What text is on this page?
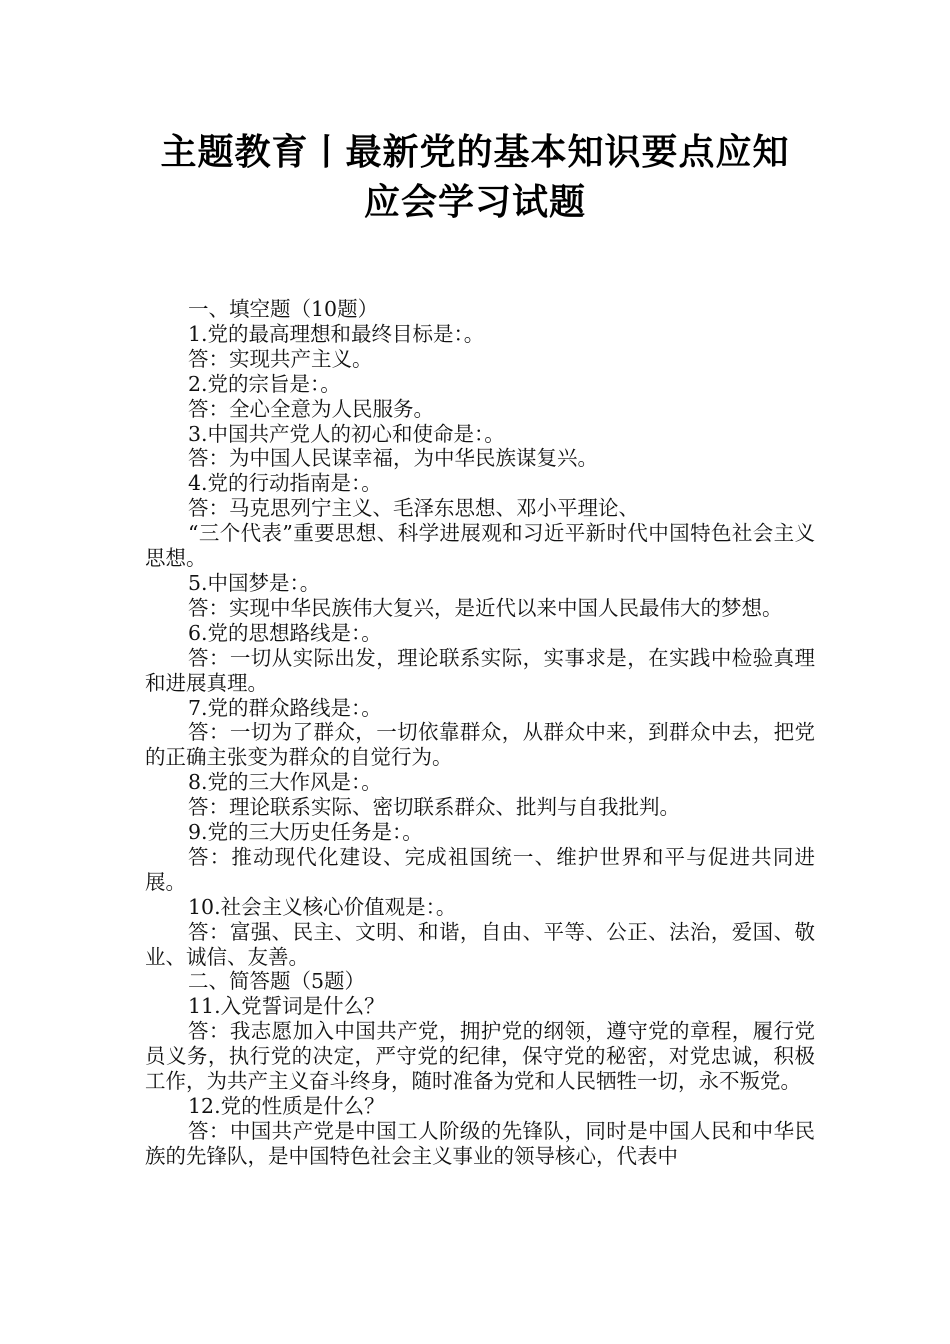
主题教育丨最新党的基本知识要点应知
应会学习试题

一、填空题（10题）

1.党的最高理想和最终目标是：。

答：实现共产主义。

2.党的宗旨是：。

答：全心全意为人民服务。

3.中国共产党人的初心和使命是：。

答：为中国人民谋幸福，为中华民族谋复兴。

4.党的行动指南是：。

答：马克思列宁主义、毛泽东思想、邓小平理论、

“三个代表”重要思想、科学进展观和习近平新时代中国特色社会主义思想。

5.中国梦是：。

答：实现中华民族伟大复兴，是近代以来中国人民最伟大的梦想。

6.党的思想路线是：。

答：一切从实际出发，理论联系实际，实事求是，在实践中检验真理和进展真理。

7.党的群众路线是：。

答：一切为了群众，一切依靠群众，从群众中来，到群众中去，把党的正确主张变为群众的自觉行为。

8.党的三大作风是：。

答：理论联系实际、密切联系群众、批判与自我批判。

9.党的三大历史任务是：。

答：推动现代化建设、完成祖国统一、维护世界和平与促进共同进展。

10.社会主义核心价值观是：。

答：富强、民主、文明、和谐，自由、平等、公正、法治，爱国、敬业、诚信、友善。

二、简答题（5题）

11.入党誓词是什么？

答：我志愿加入中国共产党，拥护党的纲领，遵守党的章程，履行党员义务，执行党的决定，严守党的纪律，保守党的秘密，对党忠诚，积极工作，为共产主义奋斗终身，随时准备为党和人民牺牲一切，永不叛党。

12.党的性质是什么？

答：中国共产党是中国工人阶级的先锋队，同时是中国人民和中华民族的先锋队，是中国特色社会主义事业的领导核心，代表中
